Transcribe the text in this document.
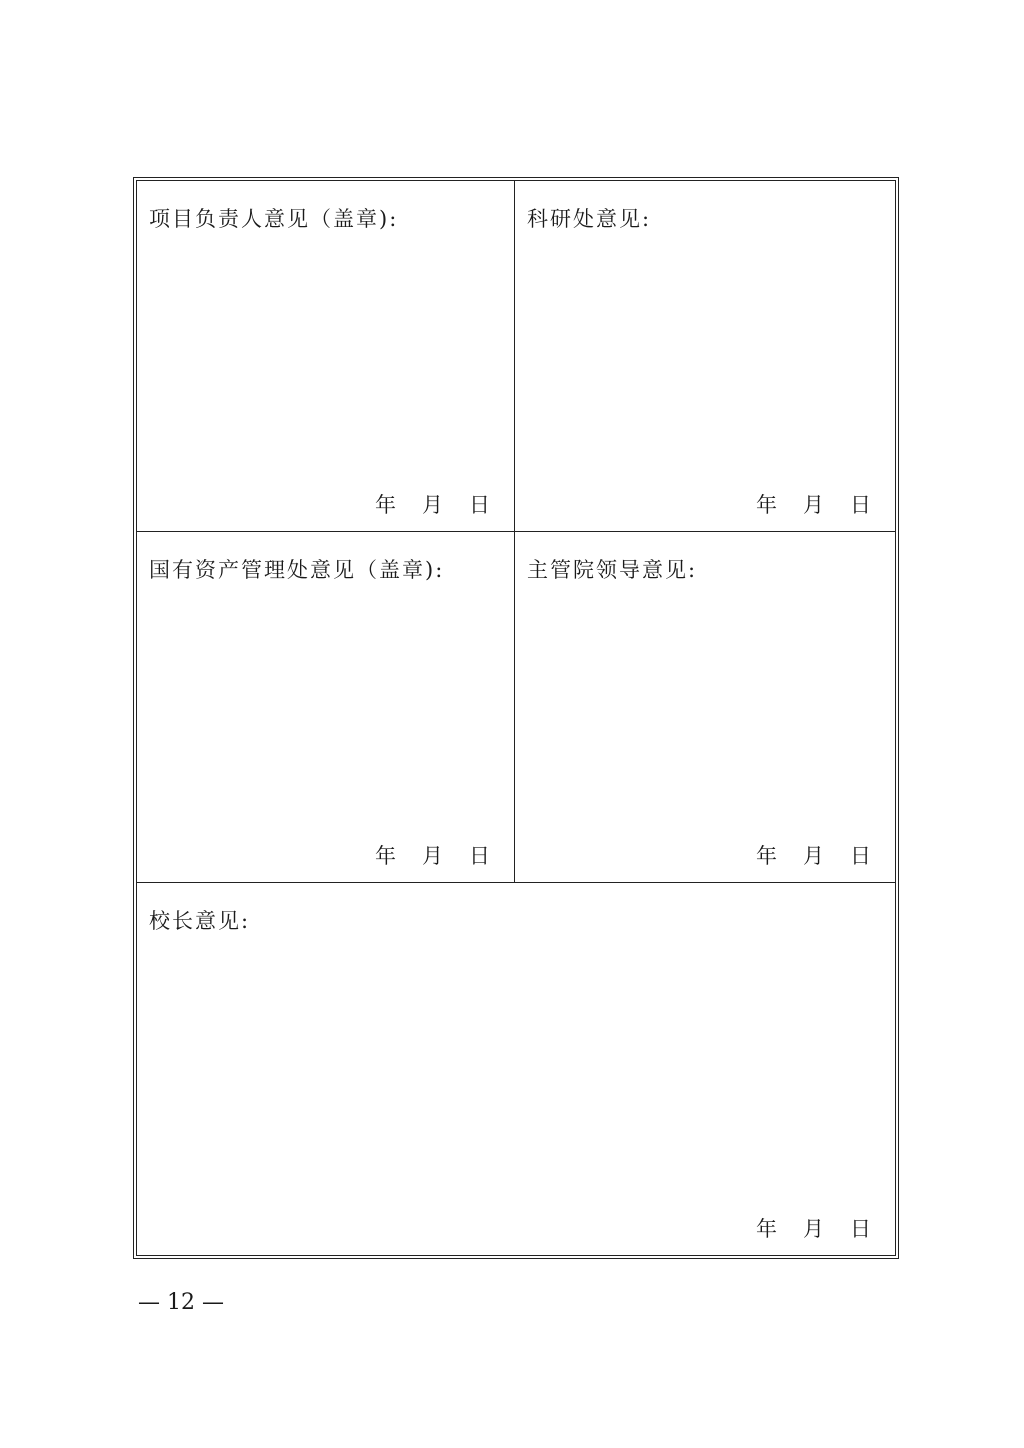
项目负责人意见（盖章):
年 月 日
科研处意见:
年 月 日
国有资产管理处意见（盖章):
年 月 日
主管院领导意见:
年 月 日
校长意见:
年 月 日
— 12 —
